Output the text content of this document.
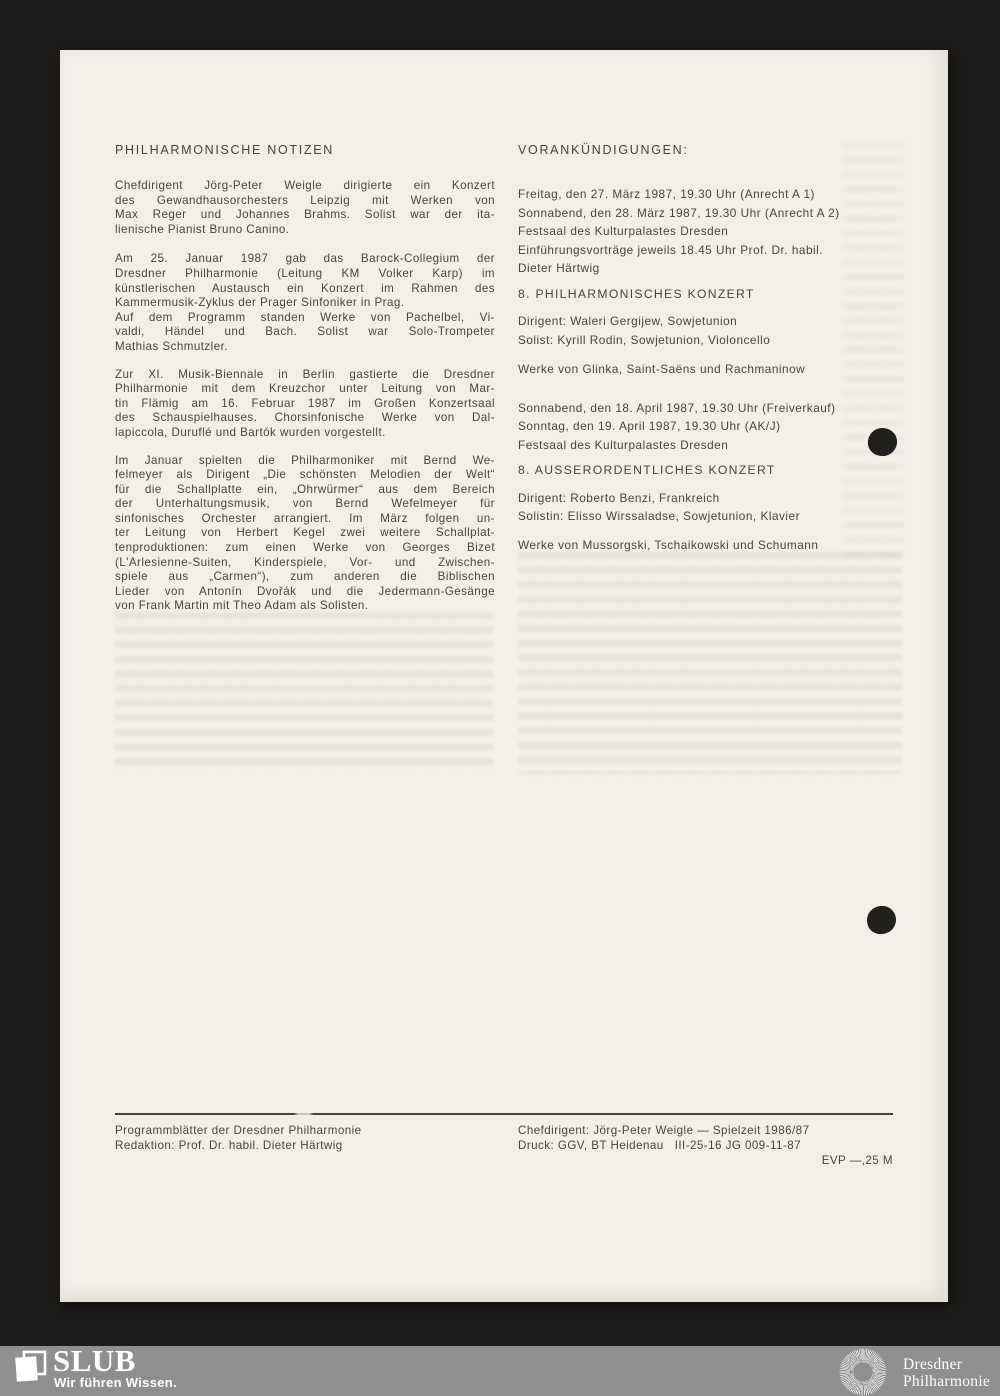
PHILHARMONISCHE NOTIZEN	VORANKÜNDIGUNGEN:
Chefdirigent Jörg-Peter Weigle dirigierte ein Konzert
des Gewandhausorchesters Leipzig mit Werken von
Max Reger und Johannes Brahms. Solist war der ita-
lienische Pianist Bruno Canino.
Am 25. Januar 1987 gab das Barock-Collegium der
Dresdner Philharmonie (Leitung KM Volker Karp) im
künstlerischen Austausch ein Konzert im Rahmen des
Kammermusik-Zyklus der Prager Sinfoniker in Prag.
Auf dem Programm standen Werke von Pachelbel, Vi-
valdi, Händel und Bach. Solist war Solo-Trompeter
Mathias Schmutzler.
Zur XI. Musik-Biennale in Berlin gastierte die Dresdner
Philharmonie mit dem Kreuzchor unter Leitung von Mar-
tin Flämig am 16. Februar 1987 im Großen Konzertsaal
des Schauspielhauses. Chorsinfonische Werke von Dal-
lapiccola, Duruflé und Bartók wurden vorgestellt.
Im Januar spielten die Philharmoniker mit Bernd We-
felmeyer als Dirigent „Die schönsten Melodien der Welt“
für die Schallplatte ein, „Ohrwürmer“ aus dem Bereich
der Unterhaltungsmusik, von Bernd Wefelmeyer für
sinfonisches Orchester arrangiert. Im März folgen un-
ter Leitung von Herbert Kegel zwei weitere Schallplat-
tenproduktionen: zum einen Werke von Georges Bizet
(L'Arlesienne-Suiten, Kinderspiele, Vor- und Zwischen-
spiele aus „Carmen“), zum anderen die Biblischen
Lieder von Antonín Dvořák und die Jedermann-Gesänge
von Frank Martin mit Theo Adam als Solisten.
Freitag, den 27. März 1987, 19.30 Uhr (Anrecht A 1)
Sonnabend, den 28. März 1987, 19.30 Uhr (Anrecht A 2)
Festsaal des Kulturpalastes Dresden
Einführungsvorträge jeweils 18.45 Uhr Prof. Dr. habil.
Dieter Härtwig
8. PHILHARMONISCHES KONZERT
Dirigent: Waleri Gergijew, Sowjetunion
Solist: Kyrill Rodin, Sowjetunion, Violoncello
Werke von Glinka, Saint-Saëns und Rachmaninow
Sonnabend, den 18. April 1987, 19.30 Uhr (Freiverkauf)
Sonntag, den 19. April 1987, 19.30 Uhr (AK/J)
Festsaal des Kulturpalastes Dresden
8. AUSSERORDENTLICHES KONZERT
Dirigent: Roberto Benzi, Frankreich
Solistin: Elisso Wirssaladse, Sowjetunion, Klavier
Werke von Mussorgski, Tschaikowski und Schumann
Programmblätter der Dresdner Philharmonie
Redaktion: Prof. Dr. habil. Dieter Härtwig
Chefdirigent: Jörg-Peter Weigle — Spielzeit 1986/87
Druck: GGV, BT Heidenau   III-25-16 JG 009-11-87
EVP —,25 M
SLUB
Wir führen Wissen.
Dresdner
Philharmonie
